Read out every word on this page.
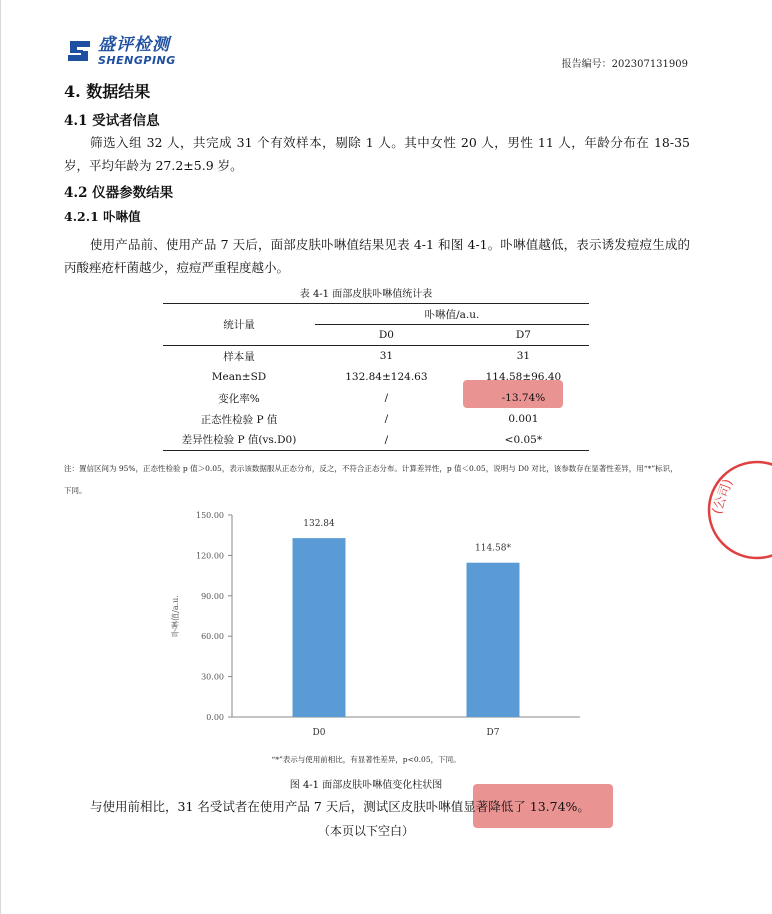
盛评检测
SHENGPING	报告编号：202307131909
4. 数据结果
4.1 受试者信息
筛选入组 32 人，共完成 31 个有效样本，剔除 1 人。其中女性 20 人，男性 11 人，年龄分布在 18-35 岁，平均年龄为 27.2±5.9 岁。
4.2 仪器参数结果
4.2.1 卟啉值
使用产品前、使用产品 7 天后，面部皮肤卟啉值结果见表 4-1 和图 4-1。卟啉值越低，表示诱发痘痘生成的丙酸痤疮杆菌越少，痘痘严重程度越小。
表 4-1 面部皮肤卟啉值统计表
统计量	卟啉值/a.u.	
	D0	D7
样本量	31	31
Mean±SD	132.84±124.63	114.58±96.40
变化率%	/	-13.74%
正态性检验 P 值	/	0.001
差异性检验 P 值(vs.D0)	/	<0.05*
注：置信区间为 95%，正态性检验 p 值＞0.05，表示该数据服从正态分布，反之，不符合正态分布。计算差异性，p 值＜0.05，说明与 D0 对比，该参数存在显著性差异，用“*”标识，
下同。
0.00
30.00
60.00
90.00
120.00
150.00
卟啉值/a.u.
132.84
D0
114.58*
D7
“*”表示与使用前相比，有显著性差异，p<0.05，下同。
图 4-1 面部皮肤卟啉值变化柱状图
与使用前相比，31 名受试者在使用产品 7 天后，测试区皮肤卟啉值显著降低了 13.74%。
（本页以下空白）
(公司)
